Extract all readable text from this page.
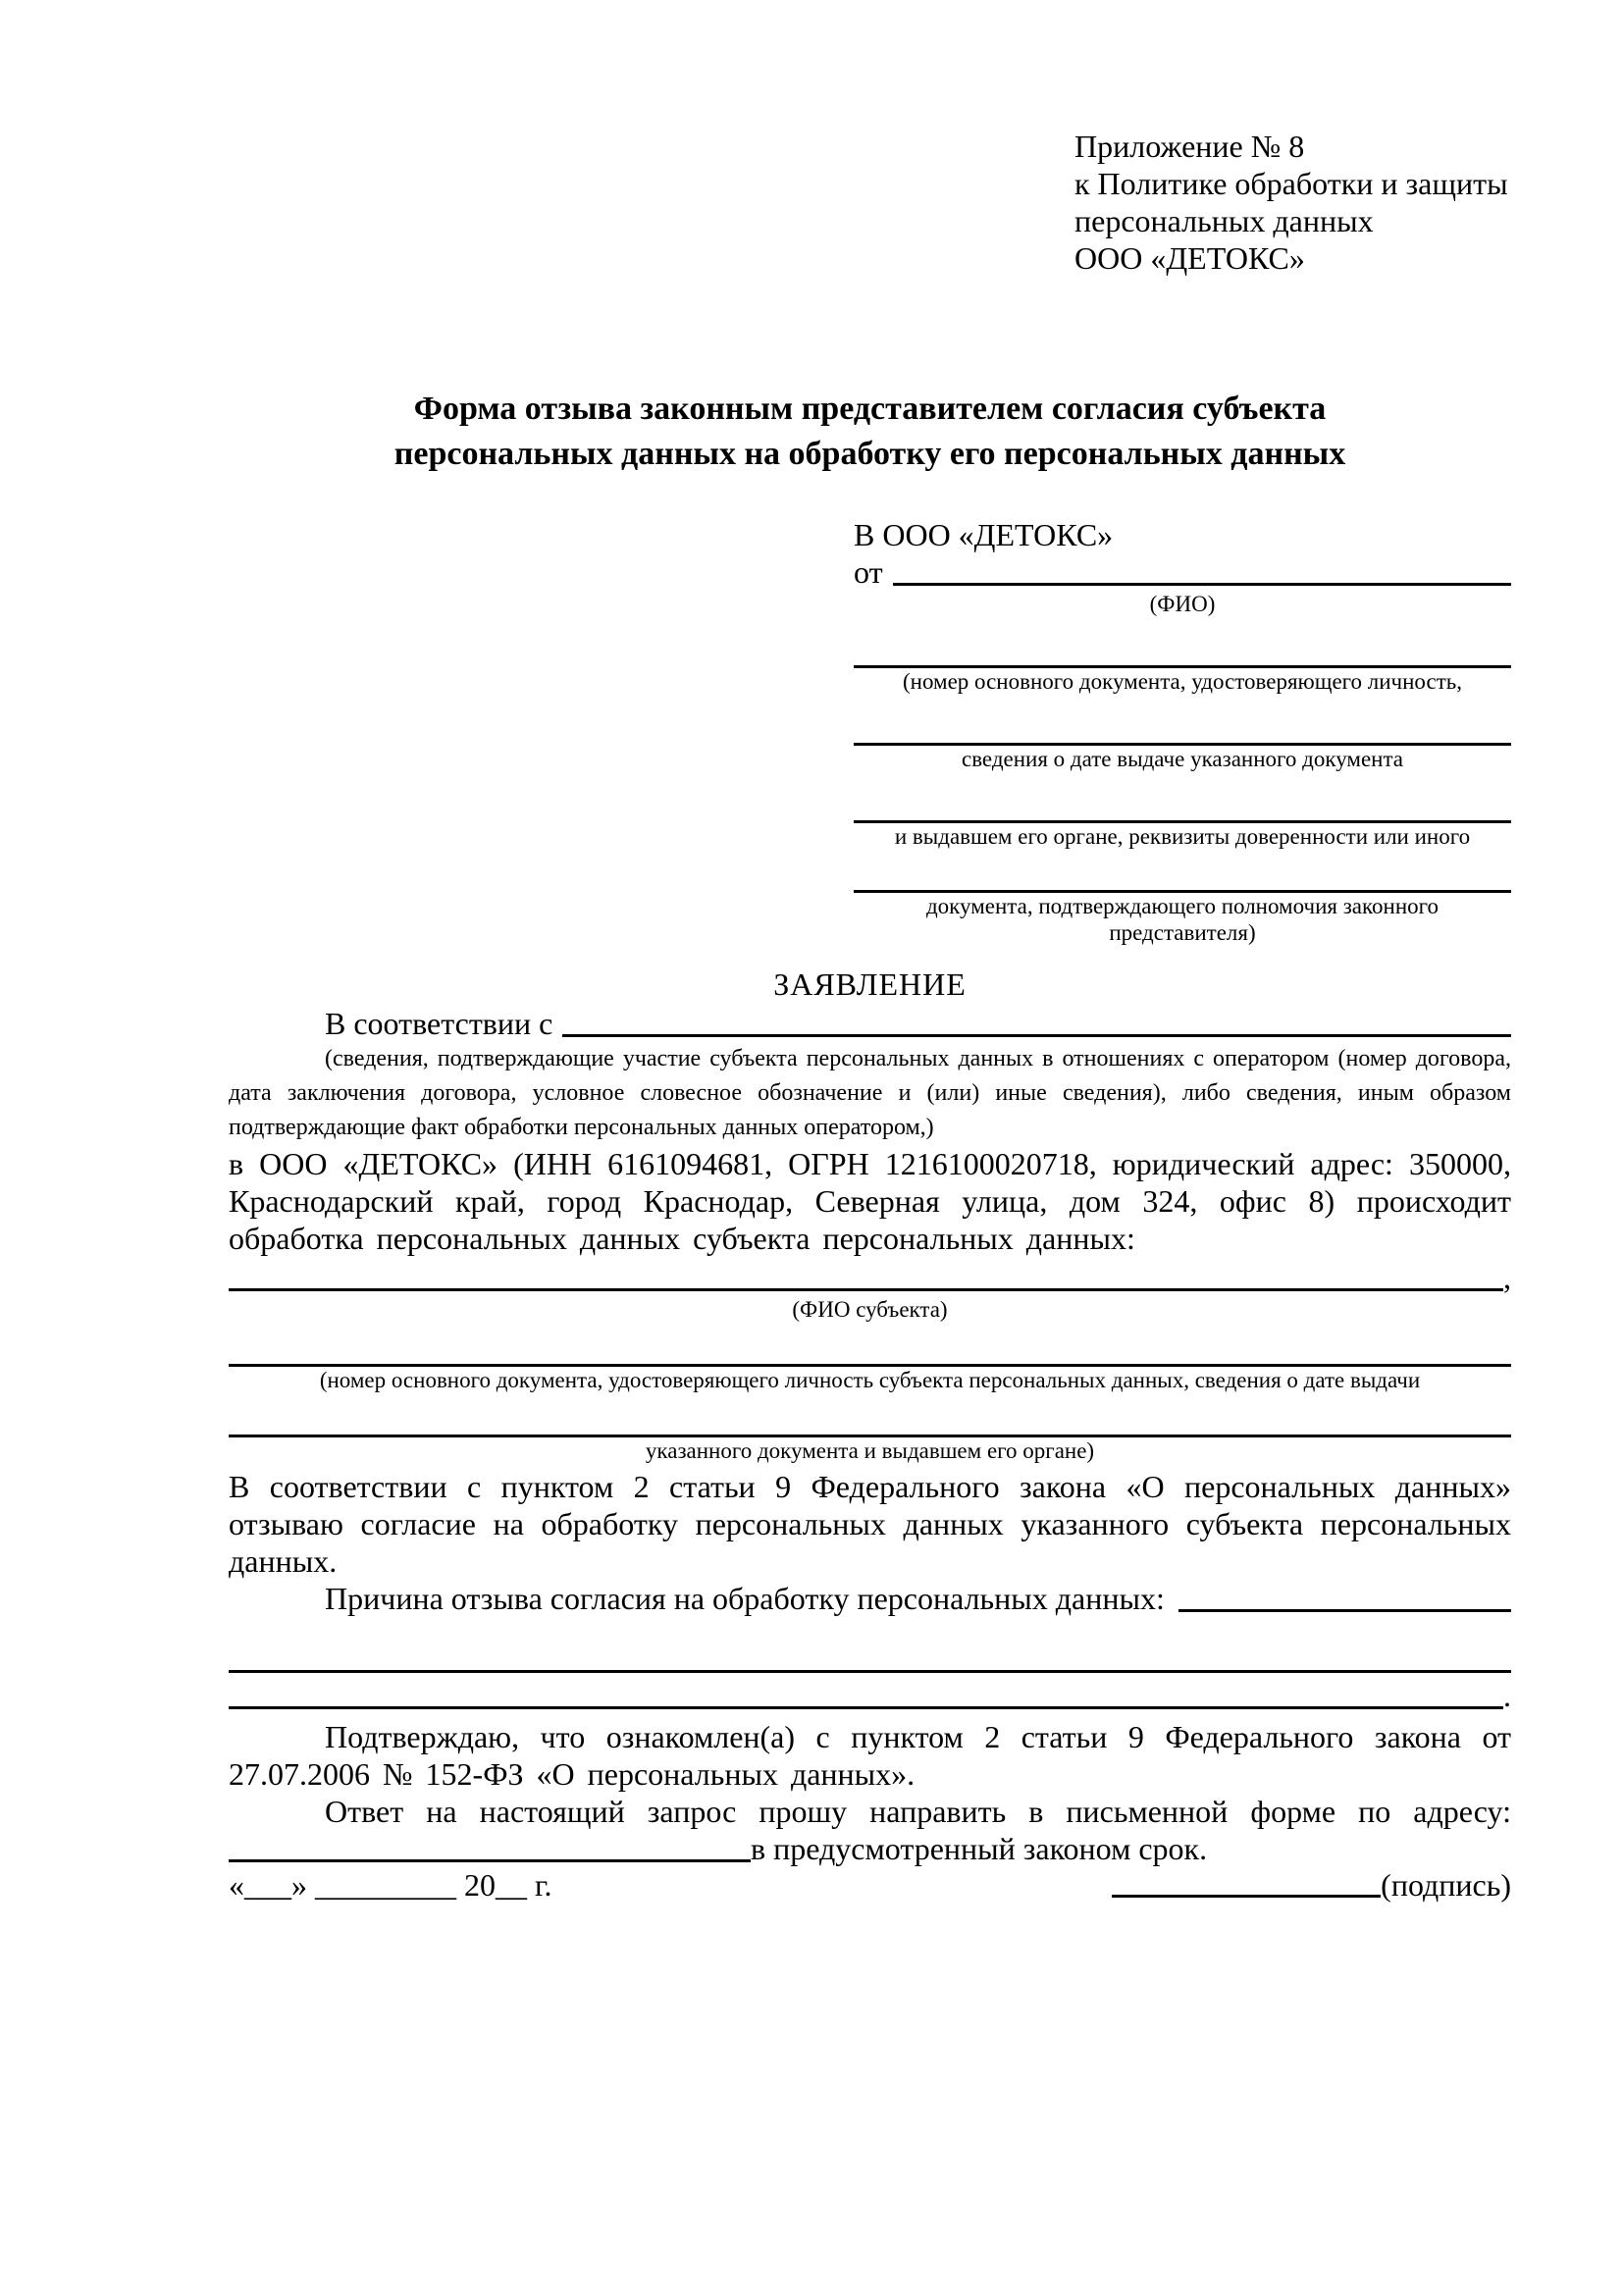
Приложение № 8
к Политике обработки и защиты
персональных данных
ООО «ДЕТОКС»
Форма отзыва законным представителем согласия субъекта
персональных данных на обработку его персональных данных
В ООО «ДЕТОКС»
от
(ФИО)
(номер основного документа, удостоверяющего личность,
сведения о дате выдаче указанного документа
и выдавшем его органе, реквизиты доверенности или иного
документа, подтверждающего полномочия законного представителя)
ЗАЯВЛЕНИЕ
В соответствии с
(сведения, подтверждающие участие субъекта персональных данных в отношениях с оператором (номер договора, дата заключения договора, условное словесное обозначение и (или) иные сведения), либо сведения, иным образом подтверждающие факт обработки персональных данных оператором,)
в ООО «ДЕТОКС» (ИНН 6161094681, ОГРН 1216100020718, юридический адрес: 350000, Краснодарский край, город Краснодар, Северная улица, дом 324, офис 8) происходит обработка персональных данных субъекта персональных данных:
,
(ФИО субъекта)
(номер основного документа, удостоверяющего личность субъекта персональных данных, сведения о дате выдачи
указанного документа и выдавшем его органе)
В соответствии с пунктом 2 статьи 9 Федерального закона «О персональных данных» отзываю согласие на обработку персональных данных указанного субъекта персональных данных.
Причина отзыва согласия на обработку персональных данных:
.
Подтверждаю, что ознакомлен(а) с пунктом 2 статьи 9 Федерального закона от 27.07.2006 № 152-ФЗ «О персональных данных».
Ответ на настоящий запрос прошу направить в письменной форме по адресу:
в предусмотренный законом срок.
«___» _________ 20__ г.	(подпись)
